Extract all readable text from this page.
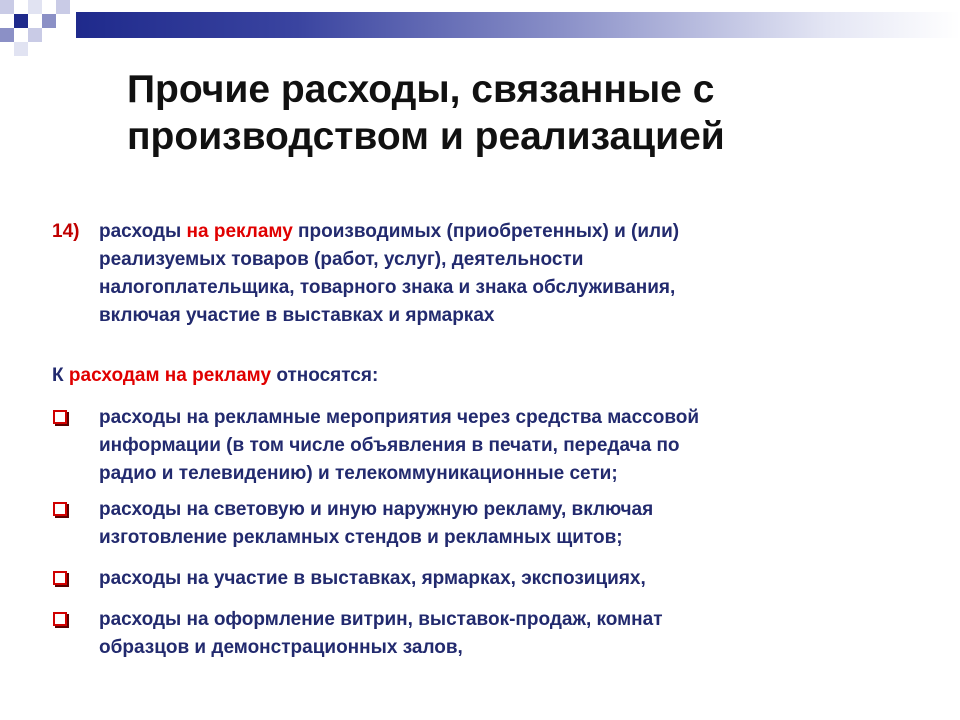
Прочие расходы, связанные с
производством и реализацией
14) расходы на рекламу производимых (приобретенных) и (или)
реализуемых товаров (работ, услуг), деятельности
налогоплательщика, товарного знака и знака обслуживания,
включая участие в выставках и ярмарках
К расходам на рекламу относятся:
расходы на рекламные мероприятия через средства массовой
информации (в том числе объявления в печати, передача по
радио и телевидению) и телекоммуникационные сети;
расходы на световую и иную наружную рекламу, включая
изготовление рекламных стендов и рекламных щитов;
расходы на участие в выставках, ярмарках, экспозициях,
расходы на оформление витрин, выставок-продаж, комнат
образцов и демонстрационных залов,
